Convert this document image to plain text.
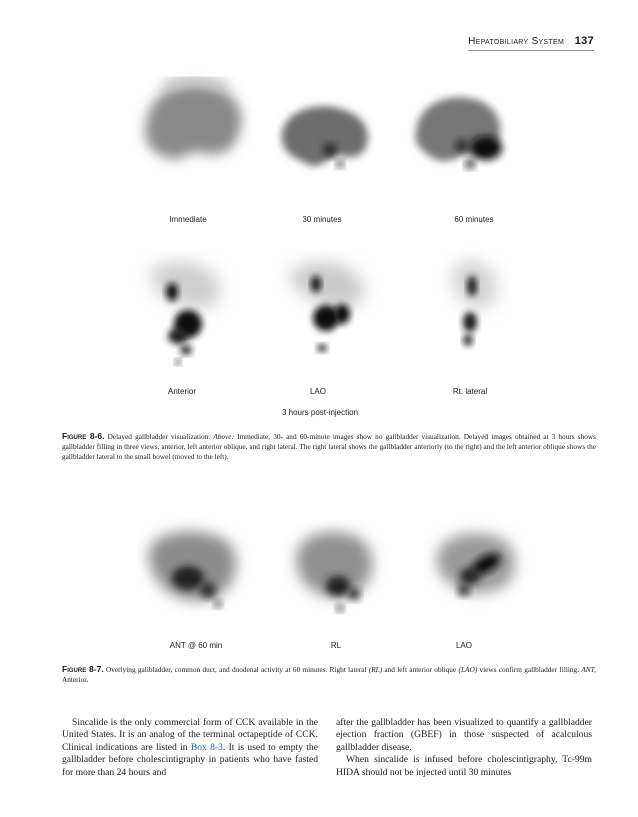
Hepatobiliary System 137
Immediate	30 minutes	60 minutes
Anterior	LAO	Rt. lateral
3 hours post-injection
Figure 8-6. Delayed gallbladder visualization. Above: Immediate, 30- and 60-minute images show no gallbladder visualization. Delayed images obtained at 3 hours shows gallbladder filling in three views, anterior, left anterior oblique, and right lateral. The right lateral shows the gallbladder anteriorly (to the right) and the left anterior oblique shows the gallbladder lateral to the small bowel (moved to the left).
ANT @ 60 min	RL	LAO
Figure 8-7. Overlying gallbladder, common duct, and duodenal activity at 60 minutes. Right lateral (RL) and left anterior oblique (LAO) views confirm gallbladder filling. ANT, Anterior.

Sincalide is the only commercial form of CCK available in the United States. It is an analog of the terminal octapeptide of CCK. Clinical indications are listed in Box 8-3. It is used to empty the gallbladder before cholescintigraphy in patients who have fasted for more than 24 hours and

after the gallbladder has been visualized to quantify a gallbladder ejection fraction (GBEF) in those suspected of acalculous gallbladder disease.

When sincalide is infused before cholescintigraphy, Tc-99m HIDA should not be injected until 30 minutes
